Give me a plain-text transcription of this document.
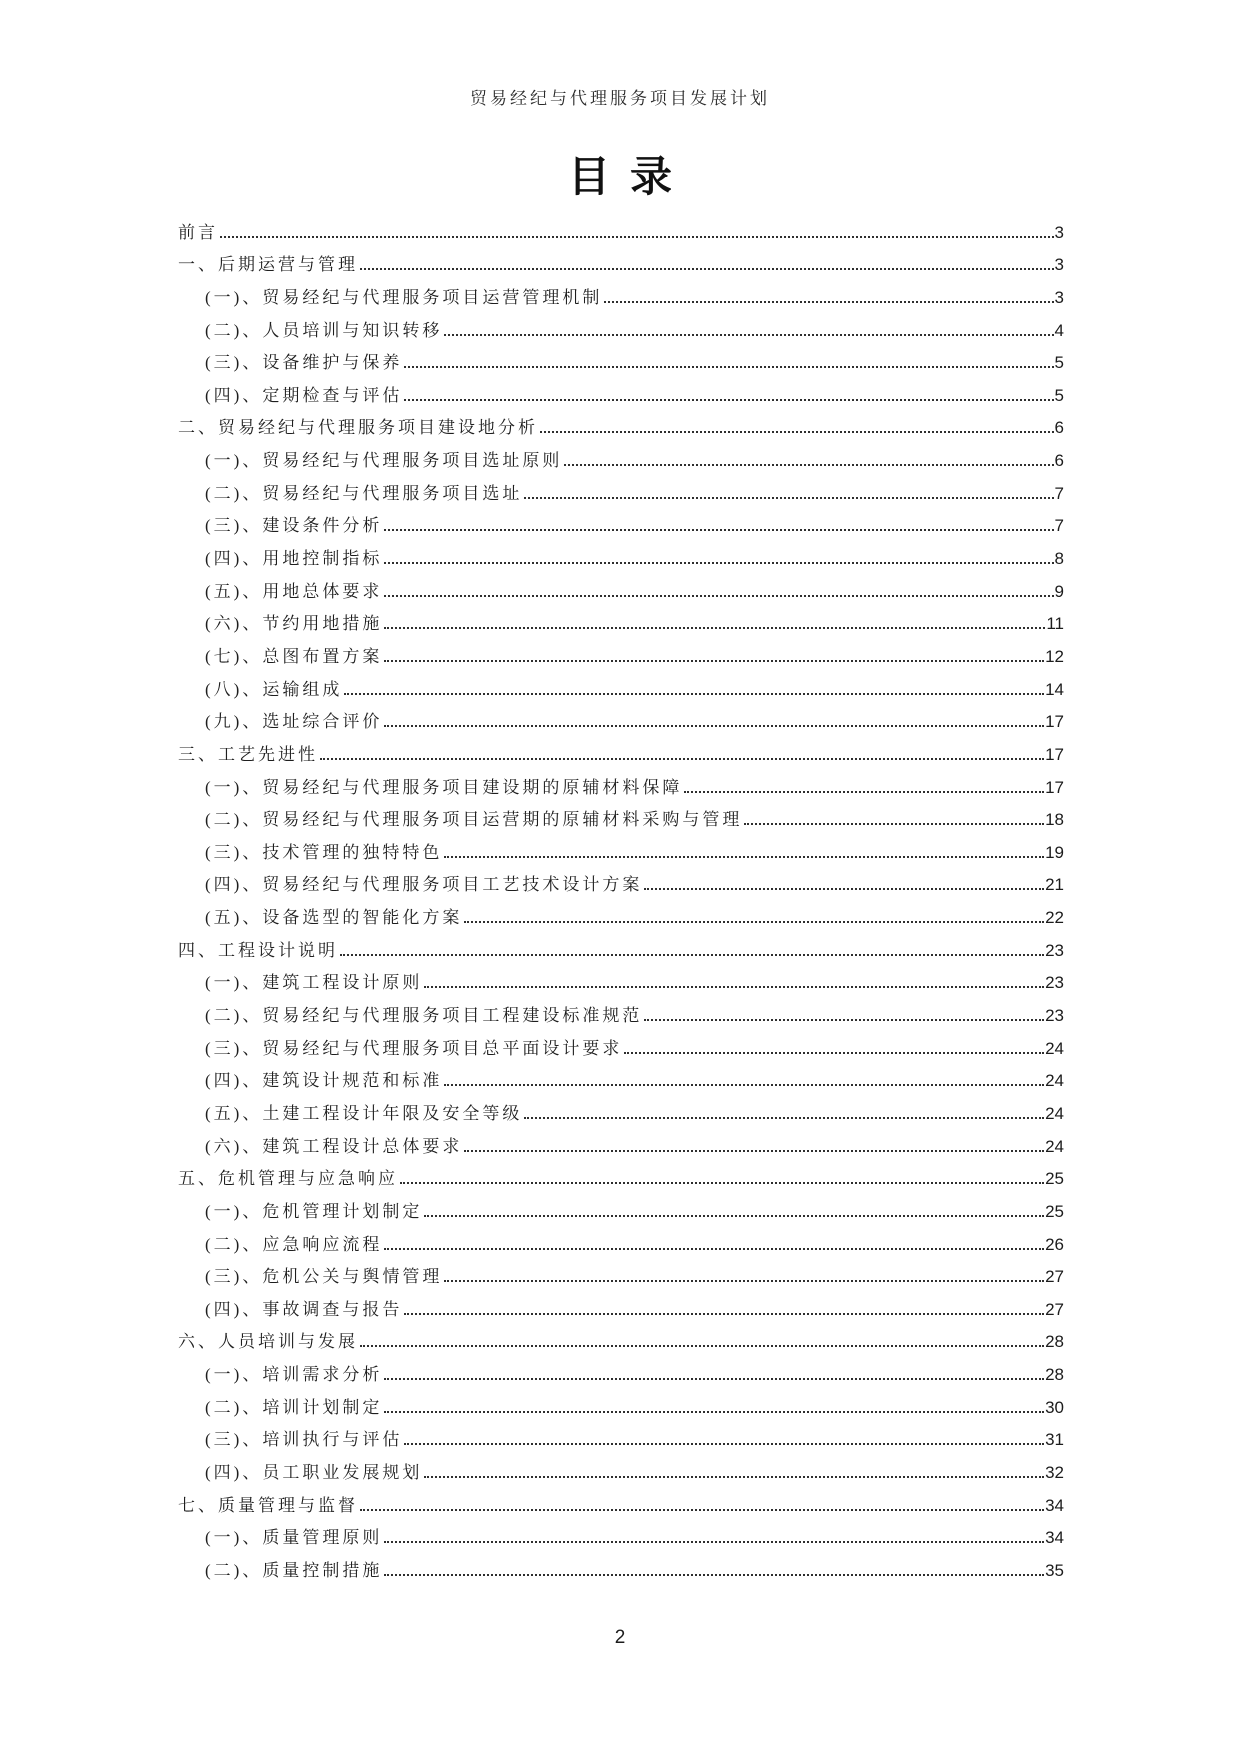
贸易经纪与代理服务项目发展计划
目录
前言	3
一、后期运营与管理	3
(一)、贸易经纪与代理服务项目运营管理机制	3
(二)、人员培训与知识转移	4
(三)、设备维护与保养	5
(四)、定期检查与评估	5
二、贸易经纪与代理服务项目建设地分析	6
(一)、贸易经纪与代理服务项目选址原则	6
(二)、贸易经纪与代理服务项目选址	7
(三)、建设条件分析	7
(四)、用地控制指标	8
(五)、用地总体要求	9
(六)、节约用地措施	11
(七)、总图布置方案	12
(八)、运输组成	14
(九)、选址综合评价	17
三、工艺先进性	17
(一)、贸易经纪与代理服务项目建设期的原辅材料保障	17
(二)、贸易经纪与代理服务项目运营期的原辅材料采购与管理	18
(三)、技术管理的独特特色	19
(四)、贸易经纪与代理服务项目工艺技术设计方案	21
(五)、设备选型的智能化方案	22
四、工程设计说明	23
(一)、建筑工程设计原则	23
(二)、贸易经纪与代理服务项目工程建设标准规范	23
(三)、贸易经纪与代理服务项目总平面设计要求	24
(四)、建筑设计规范和标准	24
(五)、土建工程设计年限及安全等级	24
(六)、建筑工程设计总体要求	24
五、危机管理与应急响应	25
(一)、危机管理计划制定	25
(二)、应急响应流程	26
(三)、危机公关与舆情管理	27
(四)、事故调查与报告	27
六、人员培训与发展	28
(一)、培训需求分析	28
(二)、培训计划制定	30
(三)、培训执行与评估	31
(四)、员工职业发展规划	32
七、质量管理与监督	34
(一)、质量管理原则	34
(二)、质量控制措施	35
2
